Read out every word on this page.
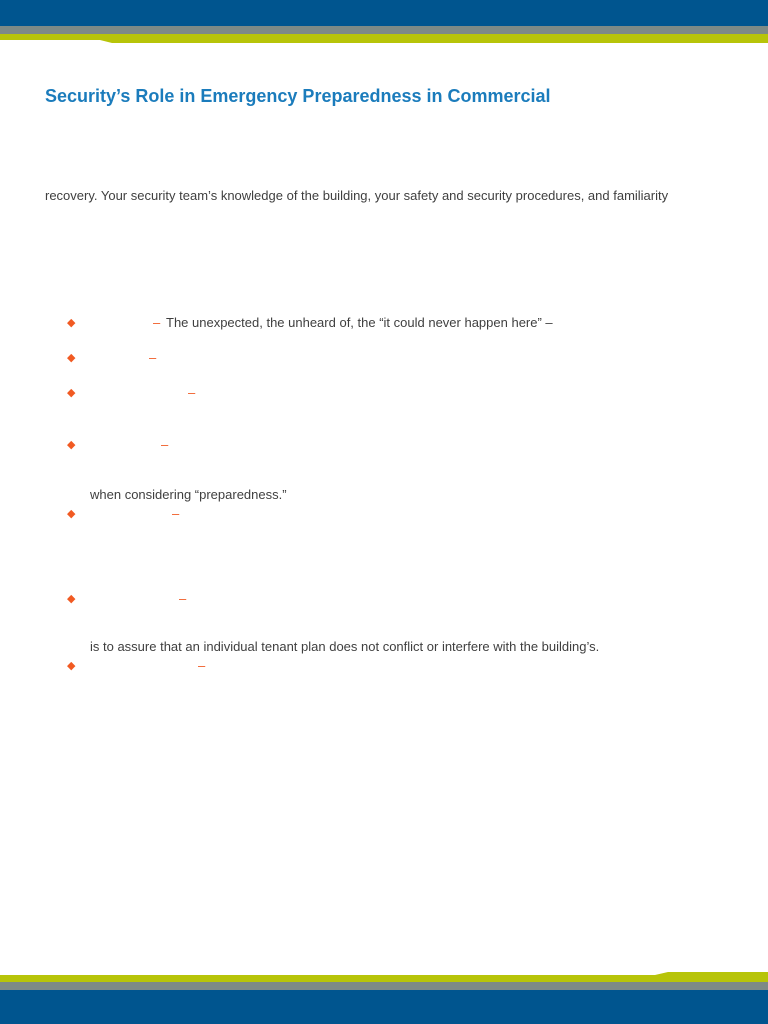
Security’s Role in Emergency Preparedness in Commercial
recovery. Your security team’s knowledge of the building, your safety and security procedures, and familiarity
◆	– The unexpected, the unheard of, the “it could never happen here” –
◆	–
◆	–
◆	–
when considering “preparedness.”
◆	–
◆	–
is to assure that an individual tenant plan does not conflict or interfere with the building’s.
◆	–
